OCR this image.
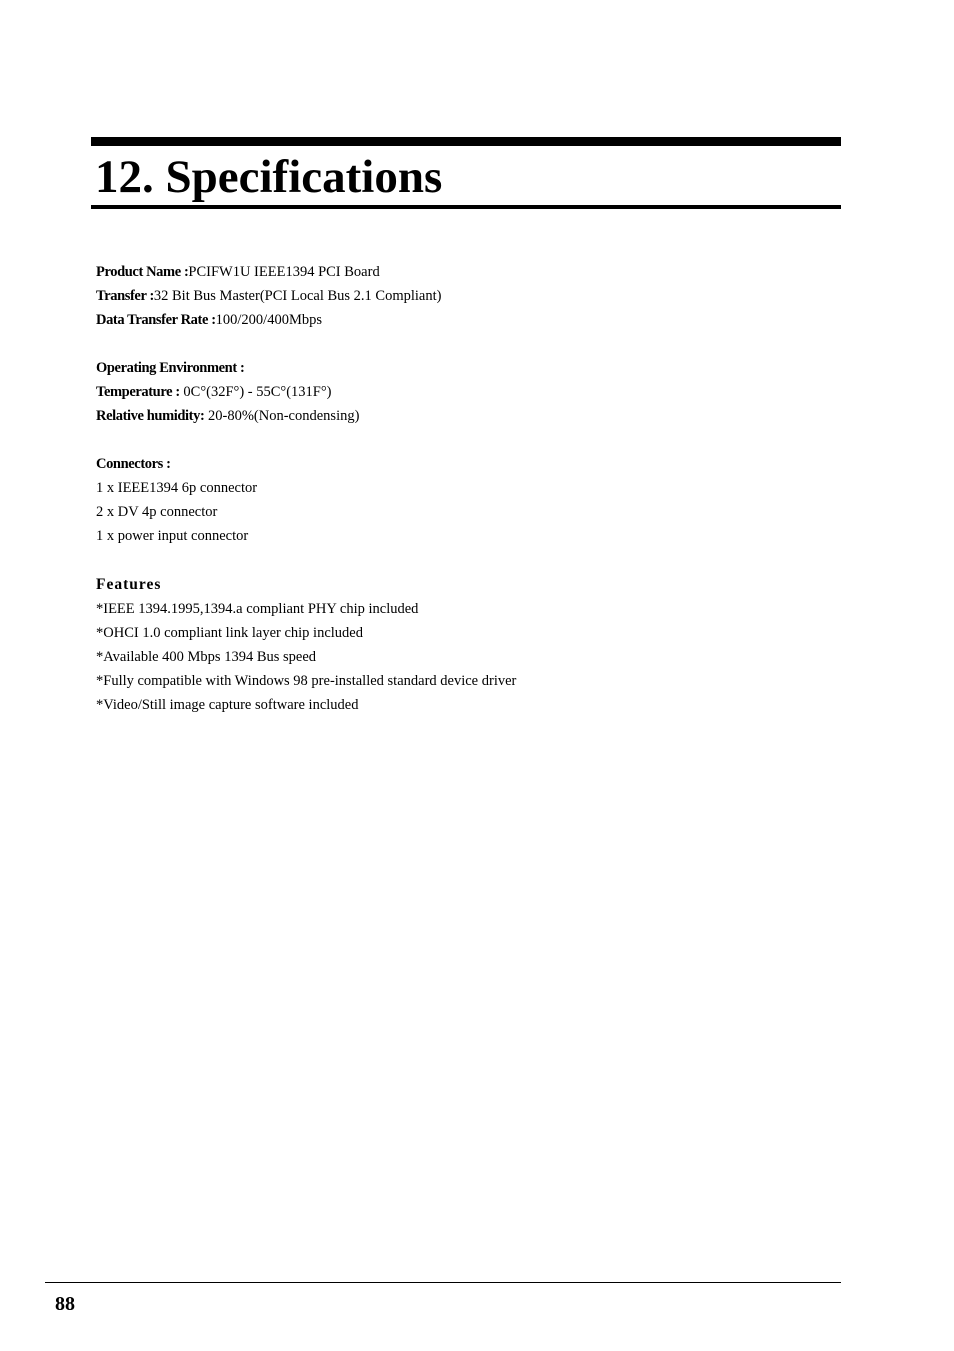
12. Specifications
Product Name :PCIFW1U IEEE1394 PCI Board
Transfer :32 Bit Bus Master(PCI Local Bus 2.1 Compliant)
Data Transfer Rate :100/200/400Mbps
Operating Environment :
Temperature : 0C°(32F°) - 55C°(131F°)
Relative humidity: 20-80%(Non-condensing)
Connectors :
1 x IEEE1394 6p connector
2 x DV 4p connector
1 x power input connector
Features
*IEEE 1394.1995,1394.a compliant PHY chip included
*OHCI 1.0 compliant link layer chip included
*Available 400 Mbps 1394 Bus speed
*Fully compatible with Windows 98 pre-installed standard device driver
*Video/Still image capture software included
88
